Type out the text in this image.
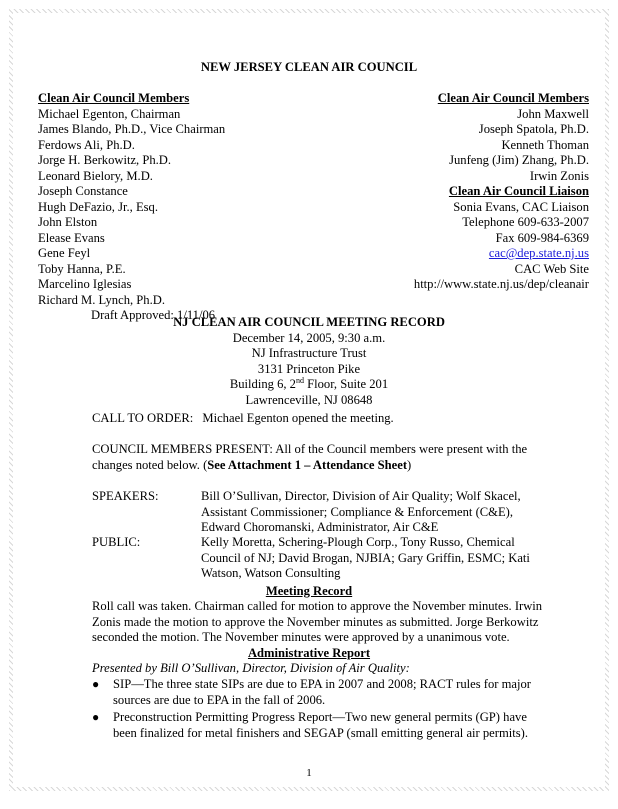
NEW JERSEY CLEAN AIR COUNCIL
Clean Air Council Members
Michael Egenton, Chairman
James Blando, Ph.D., Vice Chairman
Ferdows Ali, Ph.D.
Jorge H. Berkowitz, Ph.D.
Leonard Bielory, M.D.
Joseph Constance
Hugh DeFazio, Jr., Esq.
John Elston
Elease Evans
Gene Feyl
Toby Hanna, P.E.
Marcelino Iglesias
Richard M. Lynch, Ph.D.
Draft Approved: 1/11/06
Clean Air Council Members
John Maxwell
Joseph Spatola, Ph.D.
Kenneth Thoman
Junfeng (Jim) Zhang, Ph.D.
Irwin Zonis
Clean Air Council Liaison
Sonia Evans, CAC Liaison
Telephone 609-633-2007
Fax 609-984-6369
cac@dep.state.nj.us
CAC Web Site
http://www.state.nj.us/dep/cleanair
NJ CLEAN AIR COUNCIL MEETING RECORD
December 14, 2005, 9:30 a.m.
NJ Infrastructure Trust
3131 Princeton Pike
Building 6, 2nd Floor, Suite 201
Lawrenceville, NJ 08648
CALL TO ORDER: Michael Egenton opened the meeting.
COUNCIL MEMBERS PRESENT: All of the Council members were present with the
changes noted below. (See Attachment 1 – Attendance Sheet)
SPEAKERS:	Bill O’Sullivan, Director, Division of Air Quality; Wolf Skacel,
Assistant Commissioner; Compliance & Enforcement (C&E),
Edward Choromanski, Administrator, Air C&E
PUBLIC:	Kelly Moretta, Schering-Plough Corp., Tony Russo, Chemical
Council of NJ; David Brogan, NJBIA; Gary Griffin, ESMC; Kati
Watson, Watson Consulting
Meeting Record
Roll call was taken. Chairman called for motion to approve the November minutes. Irwin
Zonis made the motion to approve the November minutes as submitted. Jorge Berkowitz
seconded the motion. The November minutes were approved by a unanimous vote.
Administrative Report
Presented by Bill O’Sullivan, Director, Division of Air Quality:
● SIP—The three state SIPs are due to EPA in 2007 and 2008; RACT rules for major
sources are due to EPA in the fall of 2006.
● Preconstruction Permitting Progress Report—Two new general permits (GP) have
been finalized for metal finishers and SEGAP (small emitting general air permits).
1
